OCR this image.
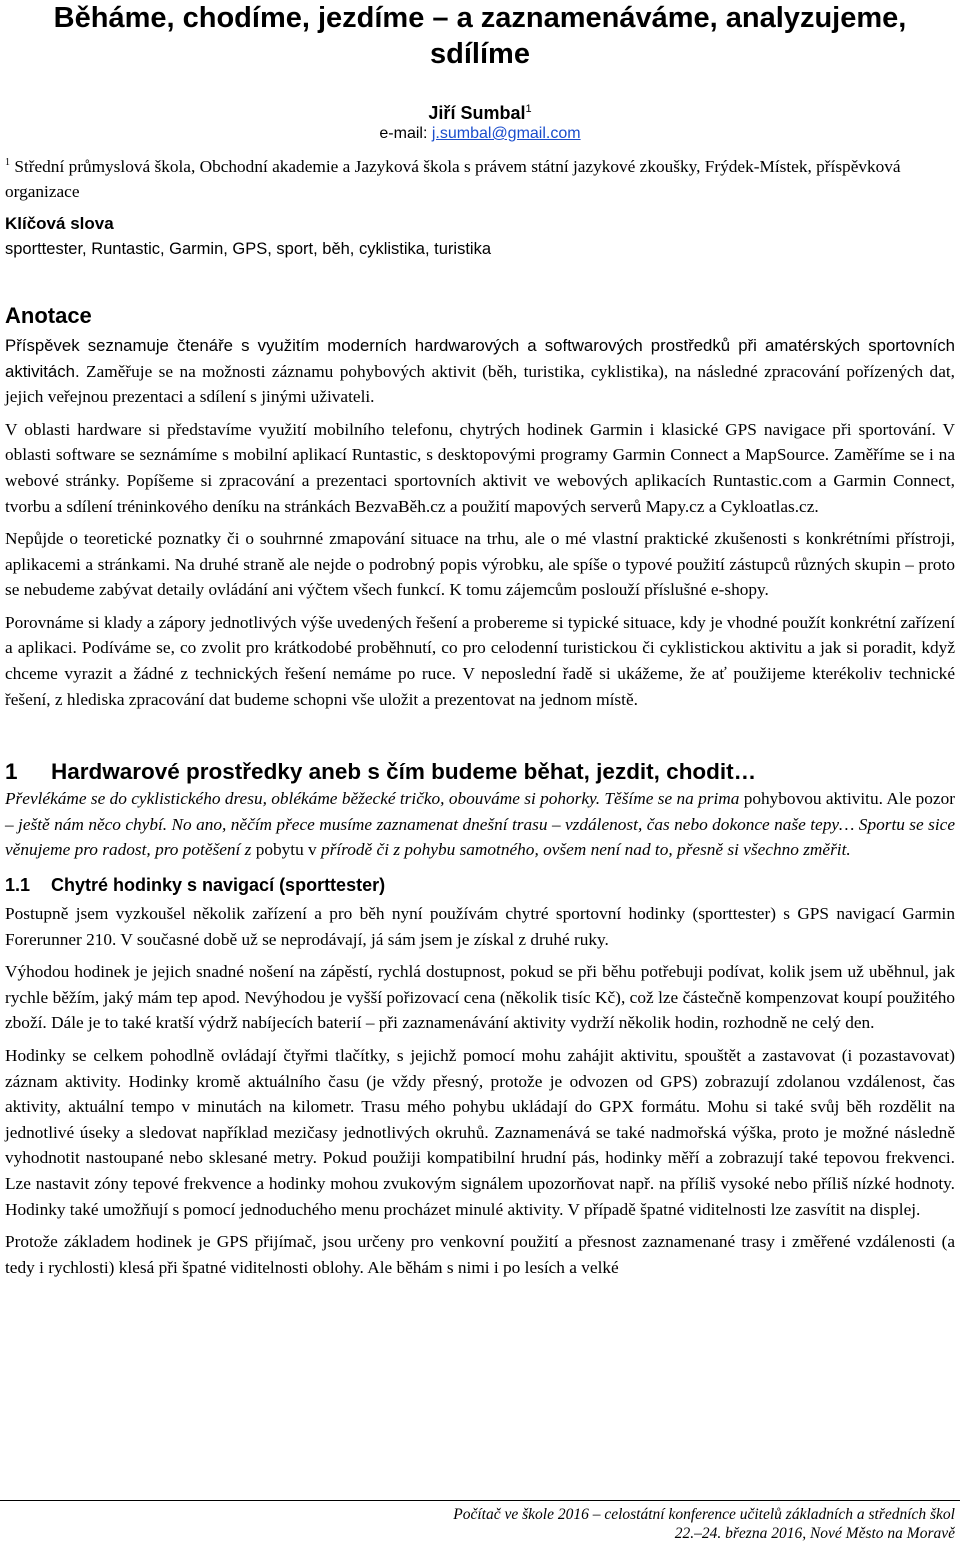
Běháme, chodíme, jezdíme – a zaznamenáváme, analyzujeme, sdílíme
Jiří Sumbal$^1$
e-mail: j.sumbal@gmail.com

$^1$ Střední průmyslová škola, Obchodní akademie a Jazyková škola s právem státní jazykové zkoušky, Frýdek-Místek, příspěvková organizace

Klíčová slova
sporttester, Runtastic, Garmin, GPS, sport, běh, cyklistika, turistika
Anotace

Příspěvek seznamuje čtenáře s využitím moderních hardwarových a softwarových prostředků při amatérských sportovních aktivitách. Zaměřuje se na možnosti záznamu pohybových aktivit (běh, turistika, cyklistika), na následné zpracování pořízených dat, jejich veřejnou prezentaci a sdílení s jinými uživateli.

V oblasti hardware si představíme využití mobilního telefonu, chytrých hodinek Garmin i klasické GPS navigace při sportování. V oblasti software se seznámíme s mobilní aplikací Runtastic, s desktopovými programy Garmin Connect a MapSource. Zaměříme se i na webové stránky. Popíšeme si zpracování a prezentaci sportovních aktivit ve webových aplikacích Runtastic.com a Garmin Connect, tvorbu a sdílení tréninkového deníku na stránkách BezvaBěh.cz a použití mapových serverů Mapy.cz a Cykloatlas.cz.

Nepůjde o teoretické poznatky či o souhrnné zmapování situace na trhu, ale o mé vlastní praktické zkušenosti s konkrétními přístroji, aplikacemi a stránkami. Na druhé straně ale nejde o podrobný popis výrobku, ale spíše o typové použití zástupců různých skupin – proto se nebudeme zabývat detaily ovládání ani výčtem všech funkcí. K tomu zájemcům poslouží příslušné e-shopy.

Porovnáme si klady a zápory jednotlivých výše uvedených řešení a probereme si typické situace, kdy je vhodné použít konkrétní zařízení a aplikaci. Podíváme se, co zvolit pro krátkodobé proběhnutí, co pro celodenní turistickou či cyklistickou aktivitu a jak si poradit, když chceme vyrazit a žádné z technických řešení nemáme po ruce. V neposlední řadě si ukážeme, že ať použijeme kterékoliv technické řešení, z hlediska zpracování dat budeme schopni vše uložit a prezentovat na jednom místě.

1 Hardwarové prostředky aneb s čím budeme běhat, jezdit, chodit…

Převlékáme se do cyklistického dresu, oblékáme běžecké tričko, obouváme si pohorky. Těšíme se na prima pohybovou aktivitu. Ale pozor – ještě nám něco chybí. No ano, něčím přece musíme zaznamenat dnešní trasu – vzdálenost, čas nebo dokonce naše tepy… Sportu se sice věnujeme pro radost, pro potěšení z pobytu v přírodě či z pohybu samotného, ovšem není nad to, přesně si všechno změřit.

1.1 Chytré hodinky s navigací (sporttester)

Postupně jsem vyzkoušel několik zařízení a pro běh nyní používám chytré sportovní hodinky (sporttester) s GPS navigací Garmin Forerunner 210. V současné době už se neprodávají, já sám jsem je získal z druhé ruky.

Výhodou hodinek je jejich snadné nošení na zápěstí, rychlá dostupnost, pokud se při běhu potřebuji podívat, kolik jsem už uběhnul, jak rychle běžím, jaký mám tep apod. Nevýhodou je vyšší pořizovací cena (několik tisíc Kč), což lze částečně kompenzovat koupí použitého zboží. Dále je to také kratší výdrž nabíjecích baterií – při zaznamenávání aktivity vydrží několik hodin, rozhodně ne celý den.

Hodinky se celkem pohodlně ovládají čtyřmi tlačítky, s jejichž pomocí mohu zahájit aktivitu, spouštět a zastavovat (i pozastavovat) záznam aktivity. Hodinky kromě aktuálního času (je vždy přesný, protože je odvozen od GPS) zobrazují zdolanou vzdálenost, čas aktivity, aktuální tempo v minutách na kilometr. Trasu mého pohybu ukládají do GPX formátu. Mohu si také svůj běh rozdělit na jednotlivé úseky a sledovat například mezičasy jednotlivých okruhů. Zaznamenává se také nadmořská výška, proto je možné následně vyhodnotit nastoupané nebo sklesané metry. Pokud použiji kompatibilní hrudní pás, hodinky měří a zobrazují také tepovou frekvenci. Lze nastavit zóny tepové frekvence a hodinky mohou zvukovým signálem upozorňovat např. na příliš vysoké nebo příliš nízké hodnoty. Hodinky také umožňují s pomocí jednoduchého menu procházet minulé aktivity. V případě špatné viditelnosti lze zasvítit na displej.

Protože základem hodinek je GPS přijímač, jsou určeny pro venkovní použití a přesnost zaznamenané trasy i změřené vzdálenosti (a tedy i rychlosti) klesá při špatné viditelnosti oblohy. Ale běhám s nimi i po lesích a velké

Počítač ve škole 2016 – celostátní konference učitelů základních a středních škol
22.–24. března 2016, Nové Město na Moravě
